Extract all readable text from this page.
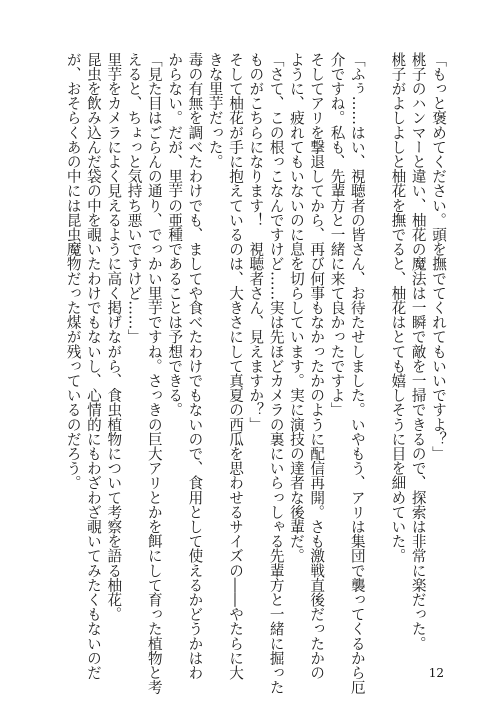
「もっと褒めてください。頭を撫でてくれてもいいですよ？」
桃子のハンマーと違い、柚花の魔法は一瞬で敵を一掃できるので、探索は非常に楽だった。
桃子がよしよしと柚花を撫でると、柚花はとても嬉しそうに目を細めていた。
「ふぅ……はい、視聴者の皆さん、お待たせしました。いやもう、アリは集団で襲ってくるから厄
介ですね。私も、先輩方と一緒に来て良かったですよ」
そしてアリを撃退してから、再び何事もなかったかのように配信再開。さも激戦直後だったかの
ように、疲れてもいないのに息を切らしています。実に演技の達者な後輩だ。
「さて、この根っこなんですけど……実は先ほどカメラの裏にいらっしゃる先輩方と一緒に掘った
ものがこちらになります！　視聴者さん、見えますか？」
そして柚花が手に抱えているのは、大きさにして真夏の西瓜を思わせるサイズの――やたらに大
きな里芋だった。
毒の有無を調べたわけでも、ましてや食べたわけでもないので、食用として使えるかどうかはわ
からない。だが、里芋の亜種であることは予想できる。
「見た目はごらんの通り、でっかい里芋ですね。さっきの巨大アリとかを餌にして育った植物と考
えると、ちょっと気持ち悪いですけど……」
里芋をカメラによく見えるように高く掲げながら、食虫植物について考察を語る柚花。
昆虫を飲み込んだ袋の中を覗いたわけでもないし、心情的にもわざわざ覗いてみたくもないのだ
が、おそらくあの中には昆虫魔物だった煤が残っているのだろう。
12
